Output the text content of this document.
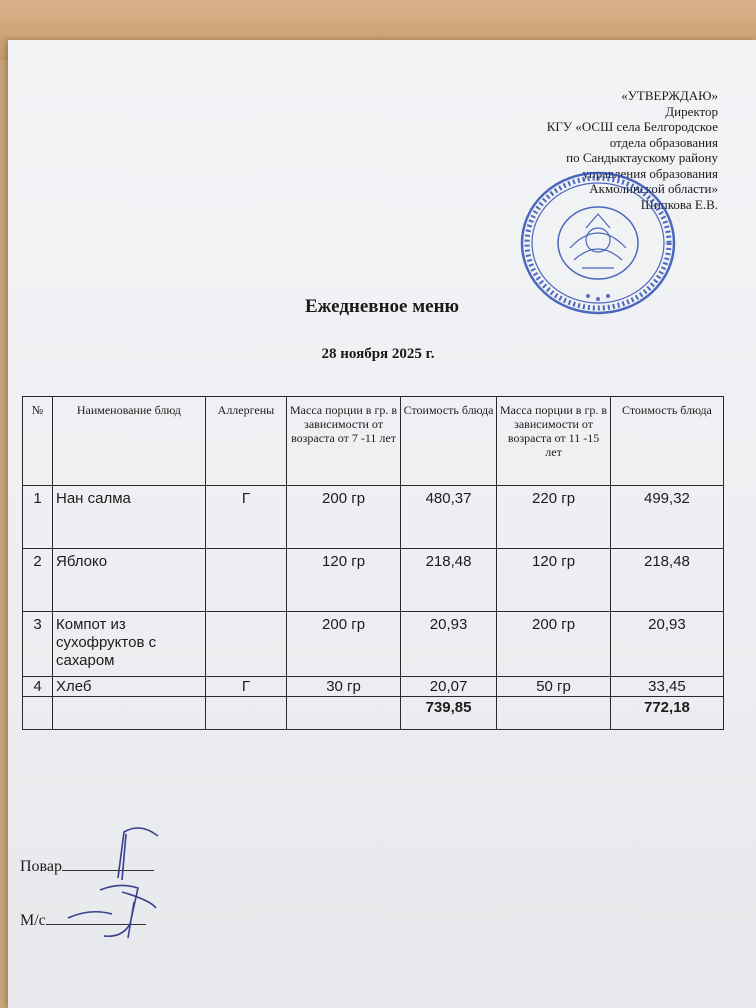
«УТВЕРЖДАЮ»
Директор
КГУ «ОСШ села Белгородское
отдела образования
по Сандыктаускому району
управления образования
Акмолинской области»
Шипкова Е.В.
Ежедневное меню
28 ноября 2025 г.
№	Наименование блюд	Аллергены	Масса порции в гр. в зависимости от возраста от 7 -11 лет	Стоимость блюда	Масса порции в гр. в зависимости от возраста от 11 -15 лет	Стоимость блюда
1	Нан салма	Г	200 гр	480,37	220 гр	499,32
2	Яблоко		120 гр	218,48	120 гр	218,48
3	Компот из сухофруктов с сахаром		200 гр	20,93	200 гр	20,93
4	Хлеб	Г	30 гр	20,07	50 гр	33,45
				739,85		772,18
Повар
М/с
